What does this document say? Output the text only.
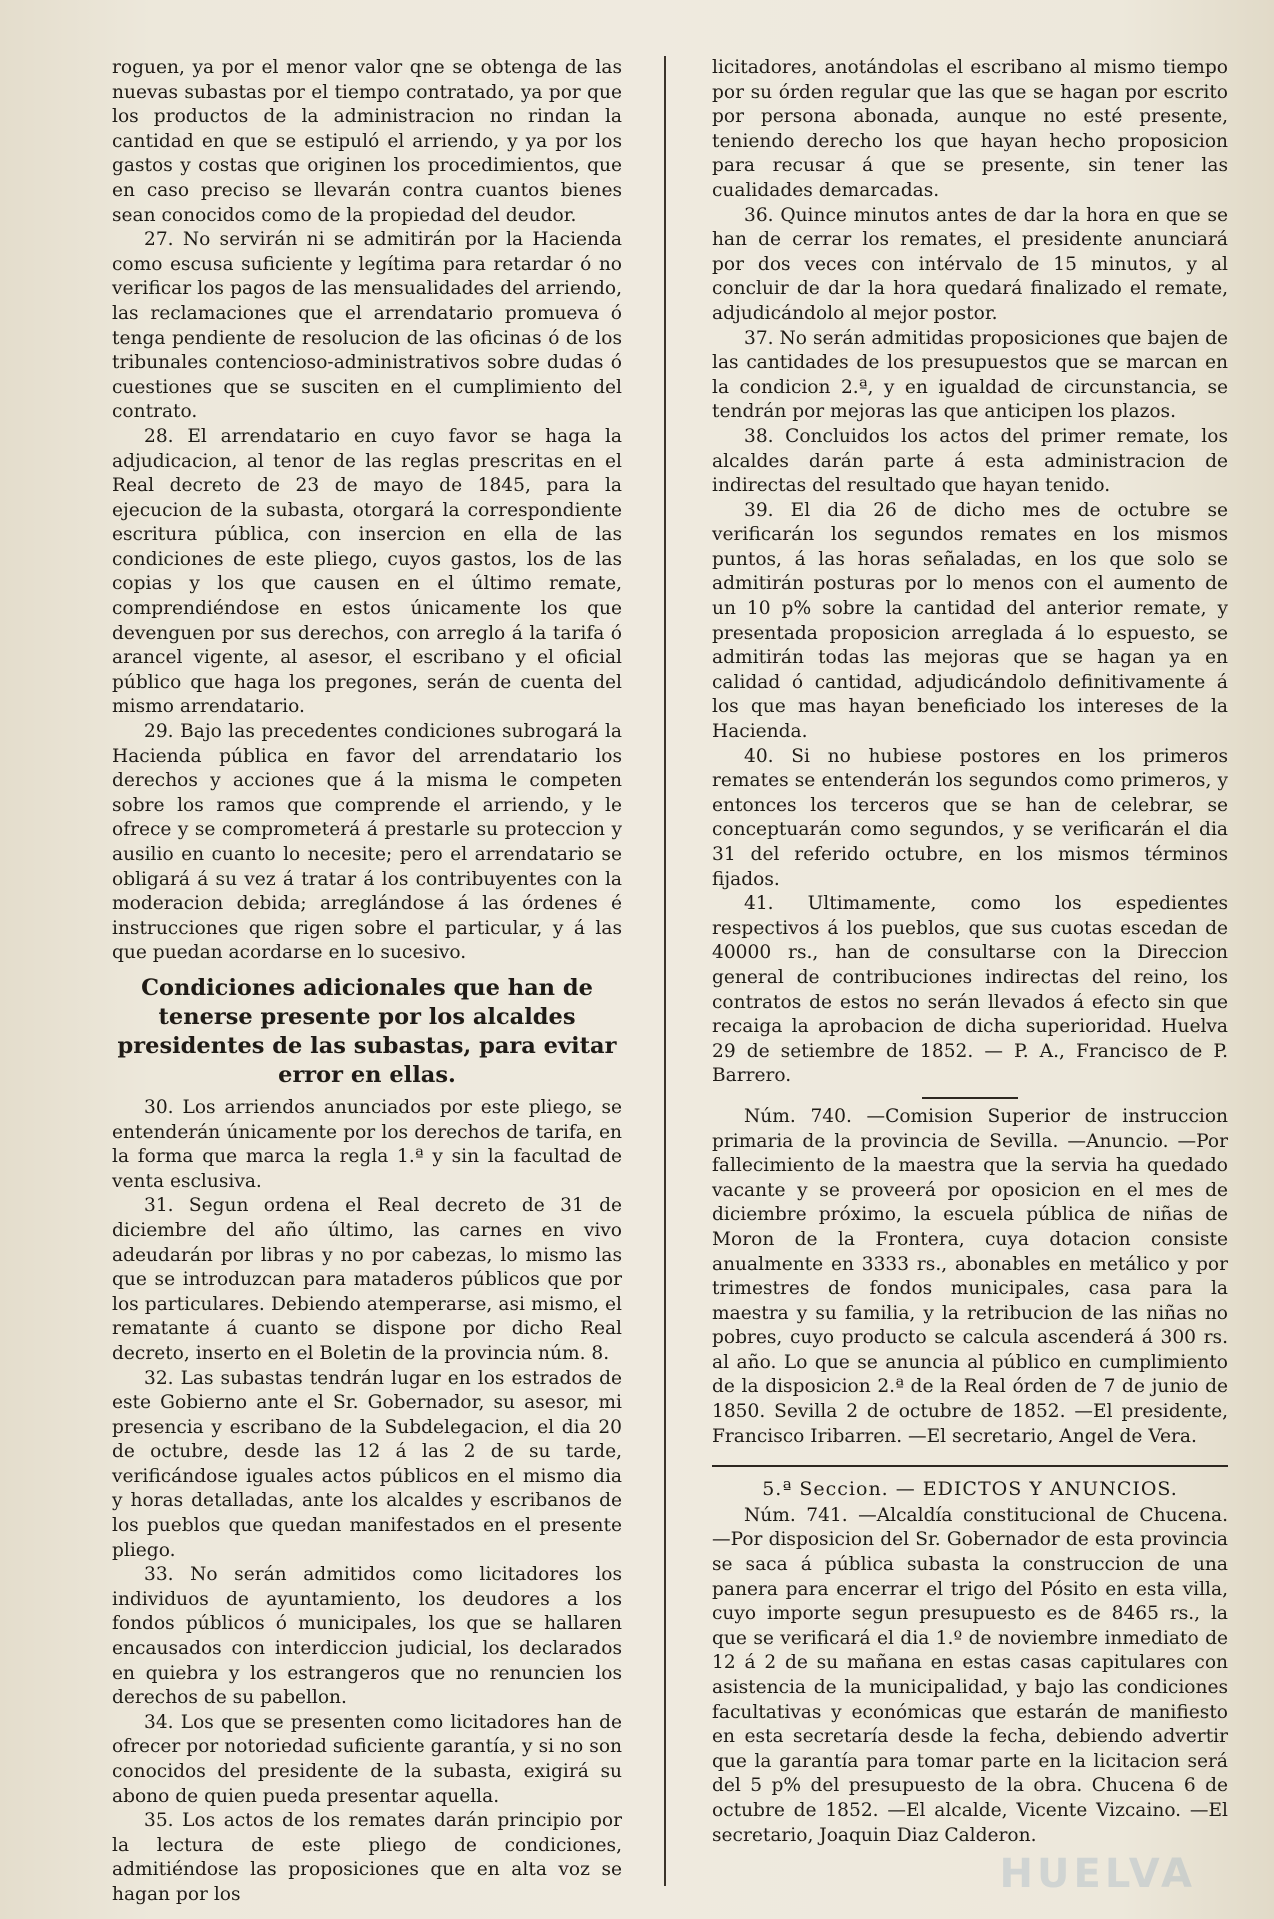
roguen, ya por el menor valor qne se obtenga de las nuevas subastas por el tiempo contratado, ya por que los productos de la administracion no rindan la cantidad en que se estipuló el arriendo, y ya por los gastos y costas que originen los procedimientos, que en caso preciso se llevarán contra cuantos bienes sean conocidos como de la propiedad del deudor.

27. No servirán ni se admitirán por la Hacienda como escusa suficiente y legítima para retardar ó no verificar los pagos de las mensualidades del arriendo, las reclamaciones que el arrendatario promueva ó tenga pendiente de resolucion de las oficinas ó de los tribunales contencioso-administrativos sobre dudas ó cuestiones que se susciten en el cumplimiento del contrato.

28. El arrendatario en cuyo favor se haga la adjudicacion, al tenor de las reglas prescritas en el Real decreto de 23 de mayo de 1845, para la ejecucion de la subasta, otorgará la correspondiente escritura pública, con insercion en ella de las condiciones de este pliego, cuyos gastos, los de las copias y los que causen en el último remate, comprendiéndose en estos únicamente los que devenguen por sus derechos, con arreglo á la tarifa ó arancel vigente, al asesor, el escribano y el oficial público que haga los pregones, serán de cuenta del mismo arrendatario.

29. Bajo las precedentes condiciones subrogará la Hacienda pública en favor del arrendatario los derechos y acciones que á la misma le competen sobre los ramos que comprende el arriendo, y le ofrece y se comprometerá á prestarle su proteccion y ausilio en cuanto lo necesite; pero el arrendatario se obligará á su vez á tratar á los contribuyentes con la moderacion debida; arreglándose á las órdenes é instrucciones que rigen sobre el particular, y á las que puedan acordarse en lo sucesivo.

Condiciones adicionales que han de tenerse presente por los alcaldes presidentes de las subastas, para evitar error en ellas.

30. Los arriendos anunciados por este pliego, se entenderán únicamente por los derechos de tarifa, en la forma que marca la regla 1.ª y sin la facultad de venta esclusiva.

31. Segun ordena el Real decreto de 31 de diciembre del año último, las carnes en vivo adeudarán por libras y no por cabezas, lo mismo las que se introduzcan para mataderos públicos que por los particulares. Debiendo atemperarse, asi mismo, el rematante á cuanto se dispone por dicho Real decreto, inserto en el Boletin de la provincia núm. 8.

32. Las subastas tendrán lugar en los estrados de este Gobierno ante el Sr. Gobernador, su asesor, mi presencia y escribano de la Subdelegacion, el dia 20 de octubre, desde las 12 á las 2 de su tarde, verificándose iguales actos públicos en el mismo dia y horas detalladas, ante los alcaldes y escribanos de los pueblos que quedan manifestados en el presente pliego.

33. No serán admitidos como licitadores los individuos de ayuntamiento, los deudores a los fondos públicos ó municipales, los que se hallaren encausados con interdiccion judicial, los declarados en quiebra y los estrangeros que no renuncien los derechos de su pabellon.

34. Los que se presenten como licitadores han de ofrecer por notoriedad suficiente garantía, y si no son conocidos del presidente de la subasta, exigirá su abono de quien pueda presentar aquella.

35. Los actos de los remates darán principio por la lectura de este pliego de condiciones, admitiéndose las proposiciones que en alta voz se hagan por los

licitadores, anotándolas el escribano al mismo tiempo por su órden regular que las que se hagan por escrito por persona abonada, aunque no esté presente, teniendo derecho los que hayan hecho proposicion para recusar á que se presente, sin tener las cualidades demarcadas.

36. Quince minutos antes de dar la hora en que se han de cerrar los remates, el presidente anunciará por dos veces con intérvalo de 15 minutos, y al concluir de dar la hora quedará finalizado el remate, adjudicándolo al mejor postor.

37. No serán admitidas proposiciones que bajen de las cantidades de los presupuestos que se marcan en la condicion 2.ª, y en igualdad de circunstancia, se tendrán por mejoras las que anticipen los plazos.

38. Concluidos los actos del primer remate, los alcaldes darán parte á esta administracion de indirectas del resultado que hayan tenido.

39. El dia 26 de dicho mes de octubre se verificarán los segundos remates en los mismos puntos, á las horas señaladas, en los que solo se admitirán posturas por lo menos con el aumento de un 10 p% sobre la cantidad del anterior remate, y presentada proposicion arreglada á lo espuesto, se admitirán todas las mejoras que se hagan ya en calidad ó cantidad, adjudicándolo definitivamente á los que mas hayan beneficiado los intereses de la Hacienda.

40. Si no hubiese postores en los primeros remates se entenderán los segundos como primeros, y entonces los terceros que se han de celebrar, se conceptuarán como segundos, y se verificarán el dia 31 del referido octubre, en los mismos términos fijados.

41. Ultimamente, como los espedientes respectivos á los pueblos, que sus cuotas escedan de 40000 rs., han de consultarse con la Direccion general de contribuciones indirectas del reino, los contratos de estos no serán llevados á efecto sin que recaiga la aprobacion de dicha superioridad. Huelva 29 de setiembre de 1852. — P. A., Francisco de P. Barrero.

Núm. 740. —Comision Superior de instruccion primaria de la provincia de Sevilla. —Anuncio. —Por fallecimiento de la maestra que la servia ha quedado vacante y se proveerá por oposicion en el mes de diciembre próximo, la escuela pública de niñas de Moron de la Frontera, cuya dotacion consiste anualmente en 3333 rs., abonables en metálico y por trimestres de fondos municipales, casa para la maestra y su familia, y la retribucion de las niñas no pobres, cuyo producto se calcula ascenderá á 300 rs. al año. Lo que se anuncia al público en cumplimiento de la disposicion 2.ª de la Real órden de 7 de junio de 1850. Sevilla 2 de octubre de 1852. —El presidente, Francisco Iribarren. —El secretario, Angel de Vera.

5.ª Seccion. — EDICTOS Y ANUNCIOS.

Núm. 741. —Alcaldía constitucional de Chucena. —Por disposicion del Sr. Gobernador de esta provincia se saca á pública subasta la construccion de una panera para encerrar el trigo del Pósito en esta villa, cuyo importe segun presupuesto es de 8465 rs., la que se verificará el dia 1.º de noviembre inmediato de 12 á 2 de su mañana en estas casas capitulares con asistencia de la municipalidad, y bajo las condiciones facultativas y económicas que estarán de manifiesto en esta secretaría desde la fecha, debiendo advertir que la garantía para tomar parte en la licitacion será del 5 p% del presupuesto de la obra. Chucena 6 de octubre de 1852. —El alcalde, Vicente Vizcaino. —El secretario, Joaquin Diaz Calderon.

HUELVA
